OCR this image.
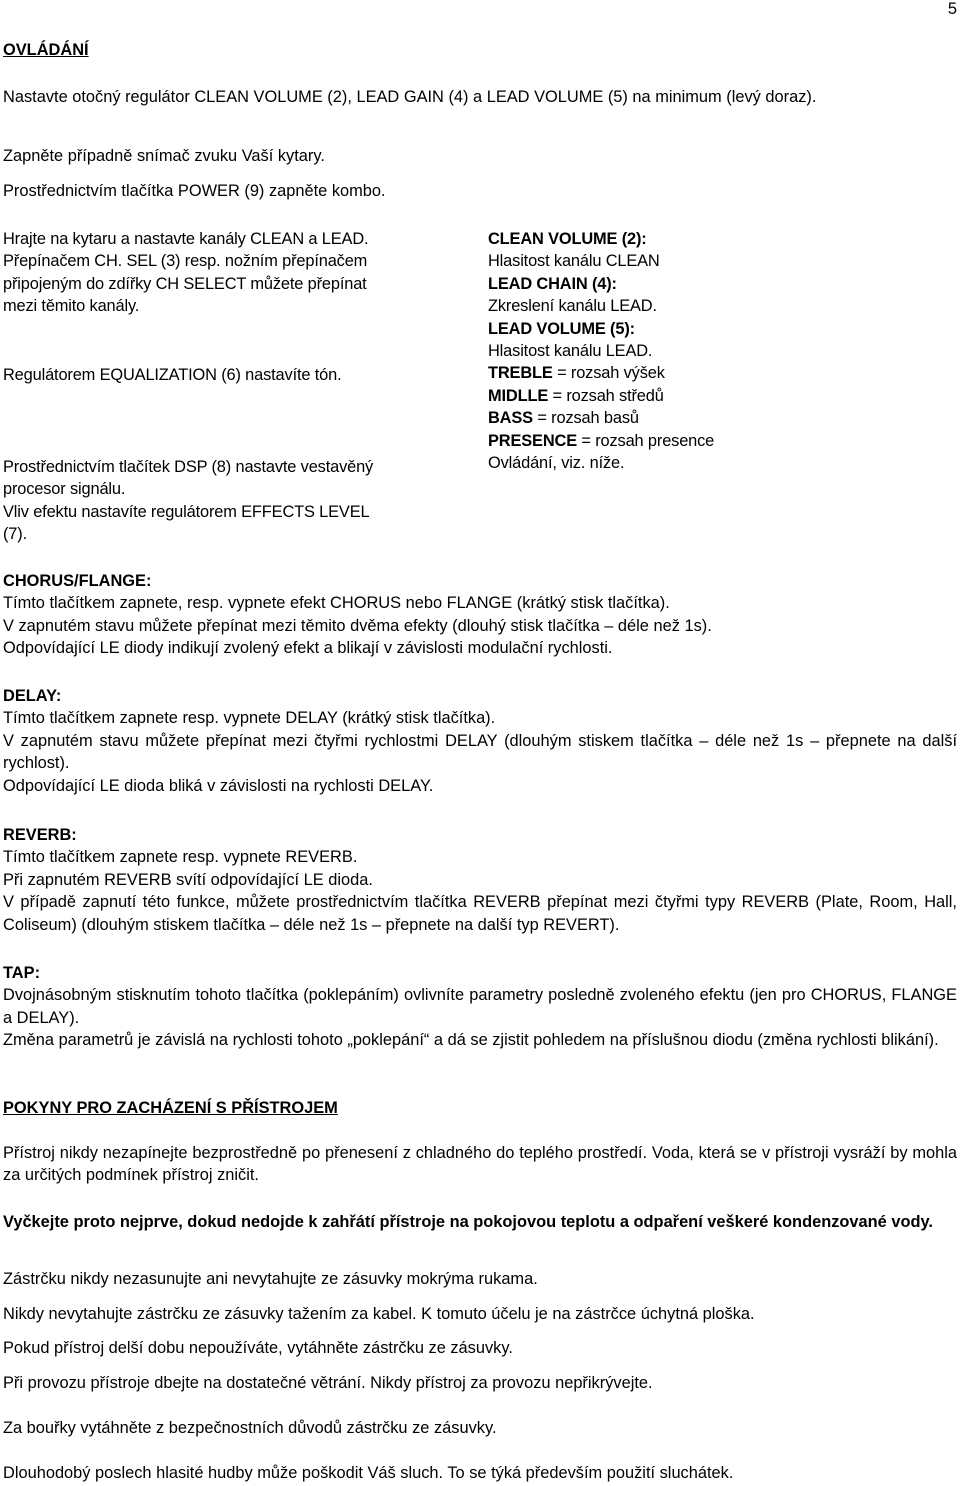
5
OVLÁDÁNÍ

Nastavte otočný regulátor CLEAN VOLUME (2), LEAD GAIN (4) a LEAD VOLUME (5) na minimum (levý doraz).

Zapněte případně snímač zvuku Vaší kytary.

Prostřednictvím tlačítka POWER (9) zapněte kombo.

Hrajte na kytaru a nastavte kanály CLEAN a LEAD.
Přepínačem CH. SEL (3) resp. nožním přepínačem
připojeným do zdířky CH SELECT můžete přepínat
mezi těmito kanály.
Regulátorem EQUALIZATION (6) nastavíte tón.
Prostřednictvím tlačítek DSP (8) nastavte vestavěný
procesor signálu.
Vliv efektu nastavíte regulátorem EFFECTS LEVEL
(7).
CLEAN VOLUME (2):
Hlasitost kanálu CLEAN
LEAD CHAIN (4):
Zkreslení kanálu LEAD.
LEAD VOLUME (5):
Hlasitost kanálu LEAD.
TREBLE = rozsah výšek
MIDLLE = rozsah středů
BASS = rozsah basů
PRESENCE = rozsah presence
Ovládání, viz. níže.
CHORUS/FLANGE:
Tímto tlačítkem zapnete, resp. vypnete efekt CHORUS nebo FLANGE (krátký stisk tlačítka).
V zapnutém stavu můžete přepínat mezi těmito dvěma efekty (dlouhý stisk tlačítka – déle než 1s).
Odpovídající LE diody indikují zvolený efekt a blikají v závislosti modulační rychlosti.
DELAY:
Tímto tlačítkem zapnete resp. vypnete DELAY (krátký stisk tlačítka).
V zapnutém stavu můžete přepínat mezi čtyřmi rychlostmi DELAY (dlouhým stiskem tlačítka – déle než 1s – přepnete na další rychlost).
Odpovídající LE dioda bliká v závislosti na rychlosti DELAY.
REVERB:
Tímto tlačítkem zapnete resp. vypnete REVERB.
Při zapnutém REVERB svítí odpovídající LE dioda.
V případě zapnutí této funkce, můžete prostřednictvím tlačítka REVERB přepínat mezi čtyřmi typy REVERB (Plate, Room, Hall, Coliseum) (dlouhým stiskem tlačítka – déle než 1s – přepnete na další typ REVERT).
TAP:
Dvojnásobným stisknutím tohoto tlačítka (poklepáním) ovlivníte parametry posledně zvoleného efektu (jen pro CHORUS, FLANGE a DELAY).
Změna parametrů je závislá na rychlosti tohoto „poklepání“ a dá se zjistit pohledem na příslušnou diodu (změna rychlosti blikání).
POKYNY PRO ZACHÁZENÍ S PŘÍSTROJEM

Přístroj nikdy nezapínejte bezprostředně po přenesení z chladného do teplého prostředí. Voda, která se v přístroji vysráží by mohla za určitých podmínek přístroj zničit.

Vyčkejte proto nejprve, dokud nedojde k zahřátí přístroje na pokojovou teplotu a odpaření veškeré kondenzované vody.

Zástrčku nikdy nezasunujte ani nevytahujte ze zásuvky mokrýma rukama.

Nikdy nevytahujte zástrčku ze zásuvky tažením za kabel. K tomuto účelu je na zástrčce úchytná ploška.

Pokud přístroj delší dobu nepoužíváte, vytáhněte zástrčku ze zásuvky.

Při provozu přístroje dbejte na dostatečné větrání. Nikdy přístroj za provozu nepřikrývejte.

Za bouřky vytáhněte z bezpečnostních důvodů zástrčku ze zásuvky.

Dlouhodobý poslech hlasité hudby může poškodit Váš sluch. To se týká především použití sluchátek.
